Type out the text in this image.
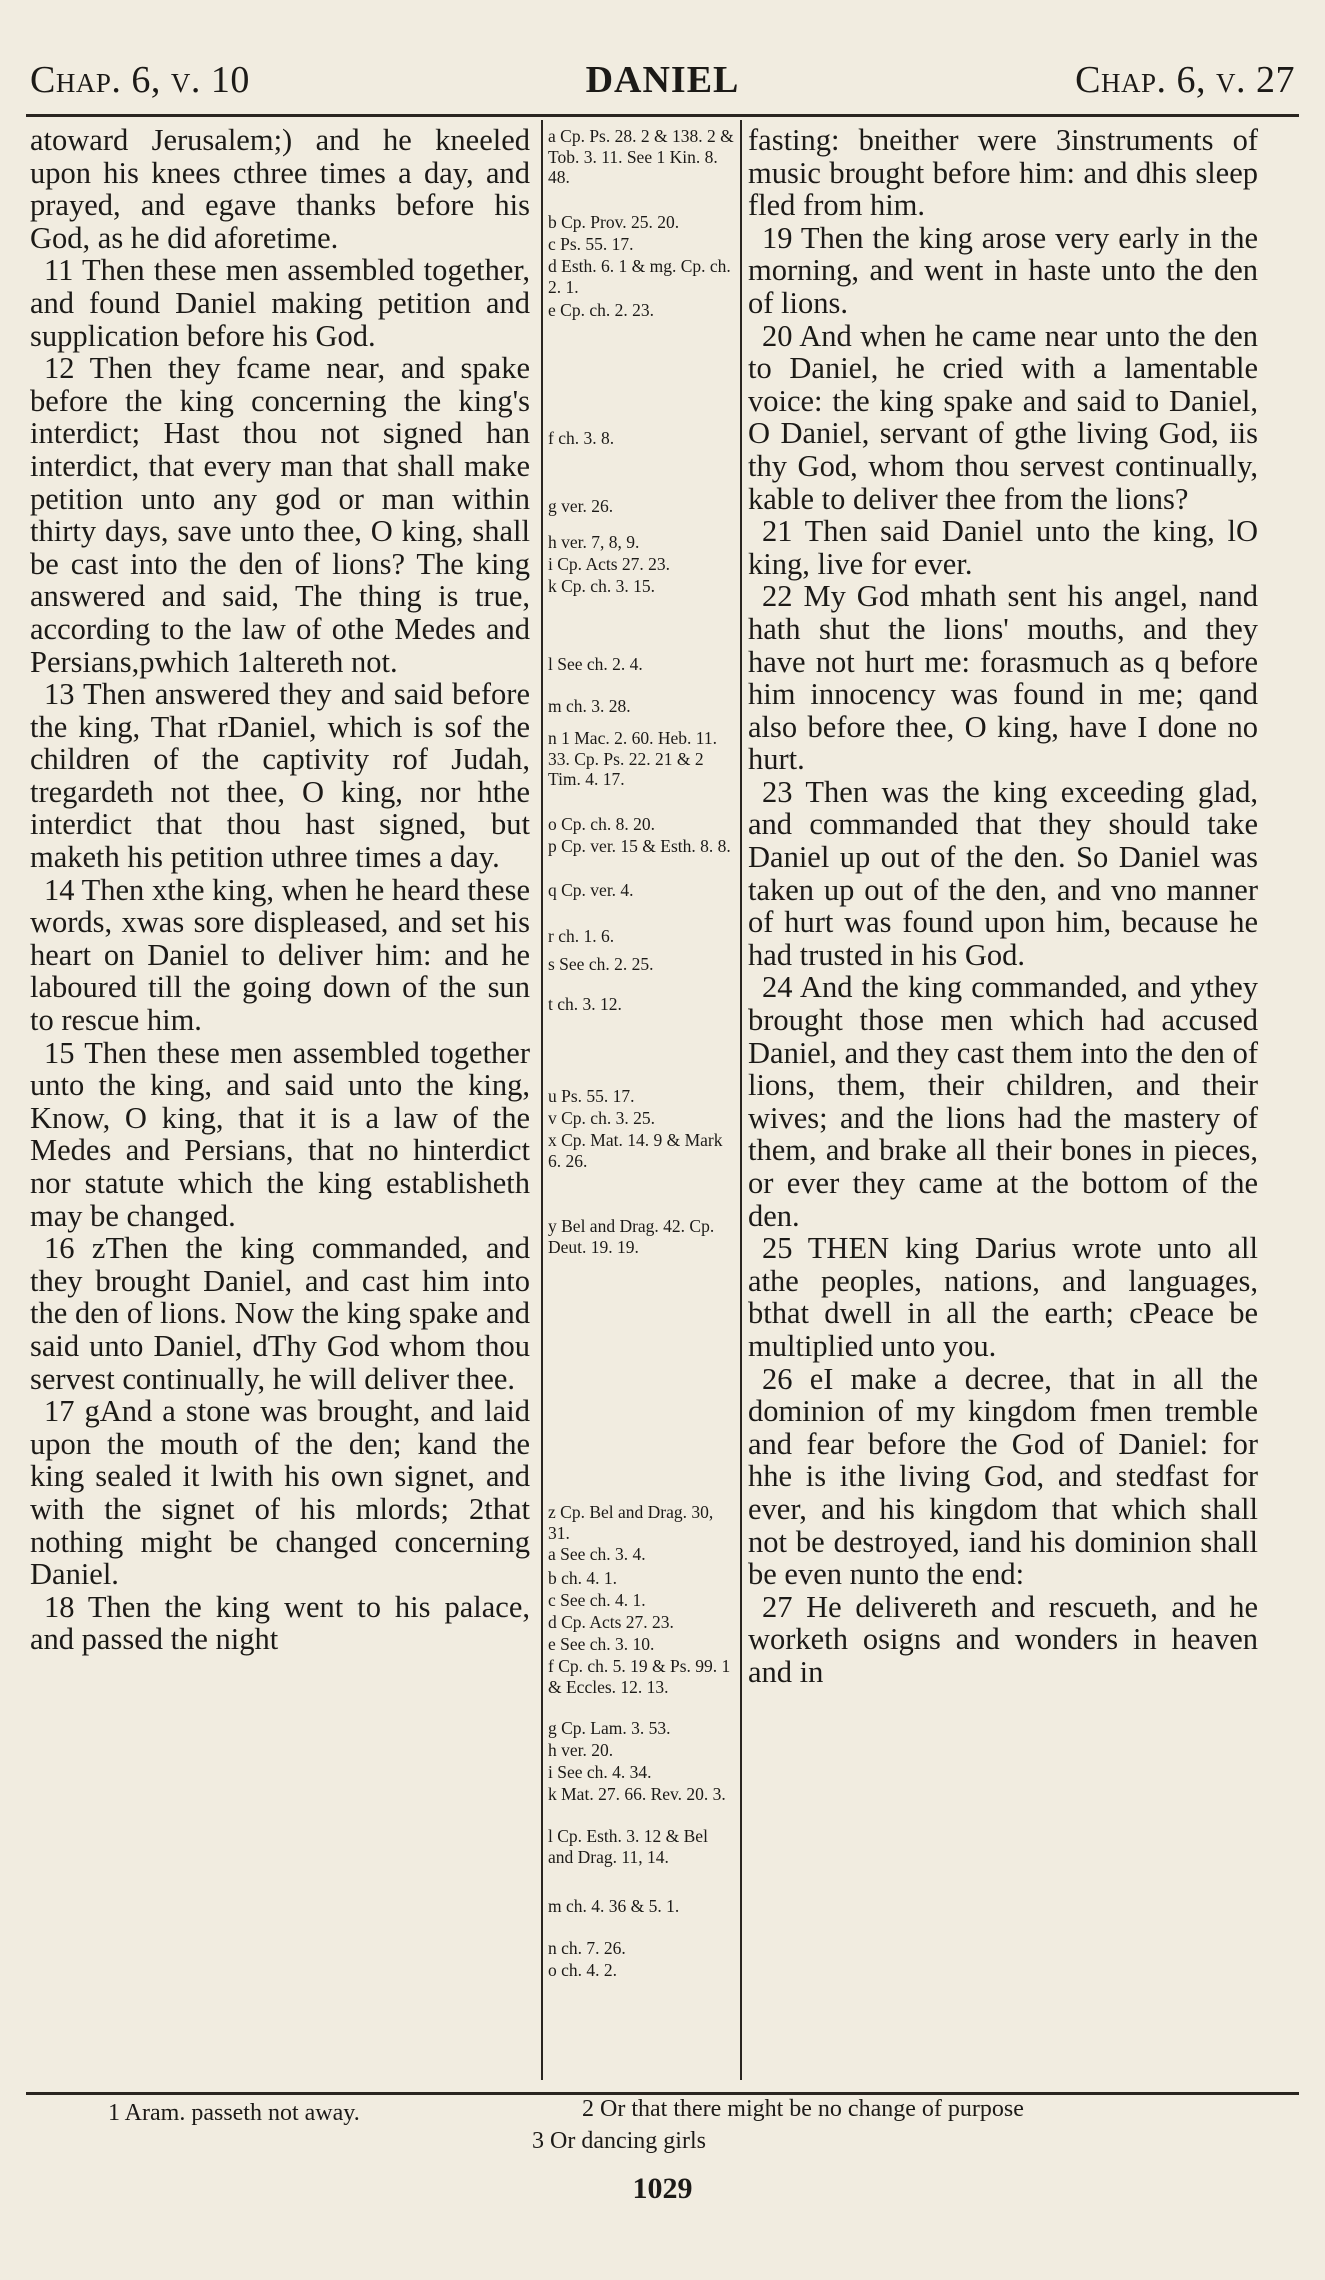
Chap. 6, v. 10	DANIEL	Chap. 6, v. 27

atoward Jerusalem;) and he kneeled upon his knees cthree times a day, and prayed, and egave thanks before his God, as he did aforetime.

11 Then these men assembled together, and found Daniel making petition and supplication before his God.

12 Then they fcame near, and spake before the king concerning the king's interdict; Hast thou not signed han interdict, that every man that shall make petition unto any god or man within thirty days, save unto thee, O king, shall be cast into the den of lions? The king answered and said, The thing is true, according to the law of othe Medes and Persians,pwhich 1altereth not.

13 Then answered they and said before the king, That rDaniel, which is sof the children of the captivity rof Judah, tregardeth not thee, O king, nor hthe interdict that thou hast signed, but maketh his petition uthree times a day.

14 Then xthe king, when he heard these words, xwas sore displeased, and set his heart on Daniel to deliver him: and he laboured till the going down of the sun to rescue him.

15 Then these men assembled together unto the king, and said unto the king, Know, O king, that it is a law of the Medes and Persians, that no hinterdict nor statute which the king establisheth may be changed.

16 zThen the king commanded, and they brought Daniel, and cast him into the den of lions. Now the king spake and said unto Daniel, dThy God whom thou servest continually, he will deliver thee.

17 gAnd a stone was brought, and laid upon the mouth of the den; kand the king sealed it lwith his own signet, and with the signet of his mlords; 2that nothing might be changed concerning Daniel.

18 Then the king went to his palace, and passed the night

a Cp. Ps. 28. 2 & 138. 2 & Tob. 3. 11. See 1 Kin. 8. 48.
b Cp. Prov. 25. 20.
c Ps. 55. 17.
d Esth. 6. 1 & mg. Cp. ch. 2. 1.
e Cp. ch. 2. 23.
f ch. 3. 8.
g ver. 26.
h ver. 7, 8, 9.
i Cp. Acts 27. 23.
k Cp. ch. 3. 15.
l See ch. 2. 4.
m ch. 3. 28.
n 1 Mac. 2. 60. Heb. 11. 33. Cp. Ps. 22. 21 & 2 Tim. 4. 17.
o Cp. ch. 8. 20.
p Cp. ver. 15 & Esth. 8. 8.
q Cp. ver. 4.
r ch. 1. 6.
s See ch. 2. 25.
t ch. 3. 12.
u Ps. 55. 17.
v Cp. ch. 3. 25.
x Cp. Mat. 14. 9 & Mark 6. 26.
y Bel and Drag. 42. Cp. Deut. 19. 19.
z Cp. Bel and Drag. 30, 31.
a See ch. 3. 4.
b ch. 4. 1.
c See ch. 4. 1.
d Cp. Acts 27. 23.
e See ch. 3. 10.
f Cp. ch. 5. 19 & Ps. 99. 1 & Eccles. 12. 13.
g Cp. Lam. 3. 53.
h ver. 20.
i See ch. 4. 34.
k Mat. 27. 66. Rev. 20. 3.
l Cp. Esth. 3. 12 & Bel and Drag. 11, 14.
m ch. 4. 36 & 5. 1.
n ch. 7. 26.
o ch. 4. 2.

fasting: bneither were 3instruments of music brought before him: and dhis sleep fled from him.

19 Then the king arose very early in the morning, and went in haste unto the den of lions.

20 And when he came near unto the den to Daniel, he cried with a lamentable voice: the king spake and said to Daniel, O Daniel, servant of gthe living God, iis thy God, whom thou servest continually, kable to deliver thee from the lions?

21 Then said Daniel unto the king, lO king, live for ever.

22 My God mhath sent his angel, nand hath shut the lions' mouths, and they have not hurt me: forasmuch as q before him innocency was found in me; qand also before thee, O king, have I done no hurt.

23 Then was the king exceeding glad, and commanded that they should take Daniel up out of the den. So Daniel was taken up out of the den, and vno manner of hurt was found upon him, because he had trusted in his God.

24 And the king commanded, and ythey brought those men which had accused Daniel, and they cast them into the den of lions, them, their children, and their wives; and the lions had the mastery of them, and brake all their bones in pieces, or ever they came at the bottom of the den.

25 THEN king Darius wrote unto all athe peoples, nations, and languages, bthat dwell in all the earth; cPeace be multiplied unto you.

26 eI make a decree, that in all the dominion of my kingdom fmen tremble and fear before the God of Daniel: for hhe is ithe living God, and stedfast for ever, and his kingdom that which shall not be destroyed, iand his dominion shall be even nunto the end:

27 He delivereth and rescueth, and he worketh osigns and wonders in heaven and in

1 Aram. passeth not away.	2 Or that there might be no change of purpose
3 Or dancing girls
1029
